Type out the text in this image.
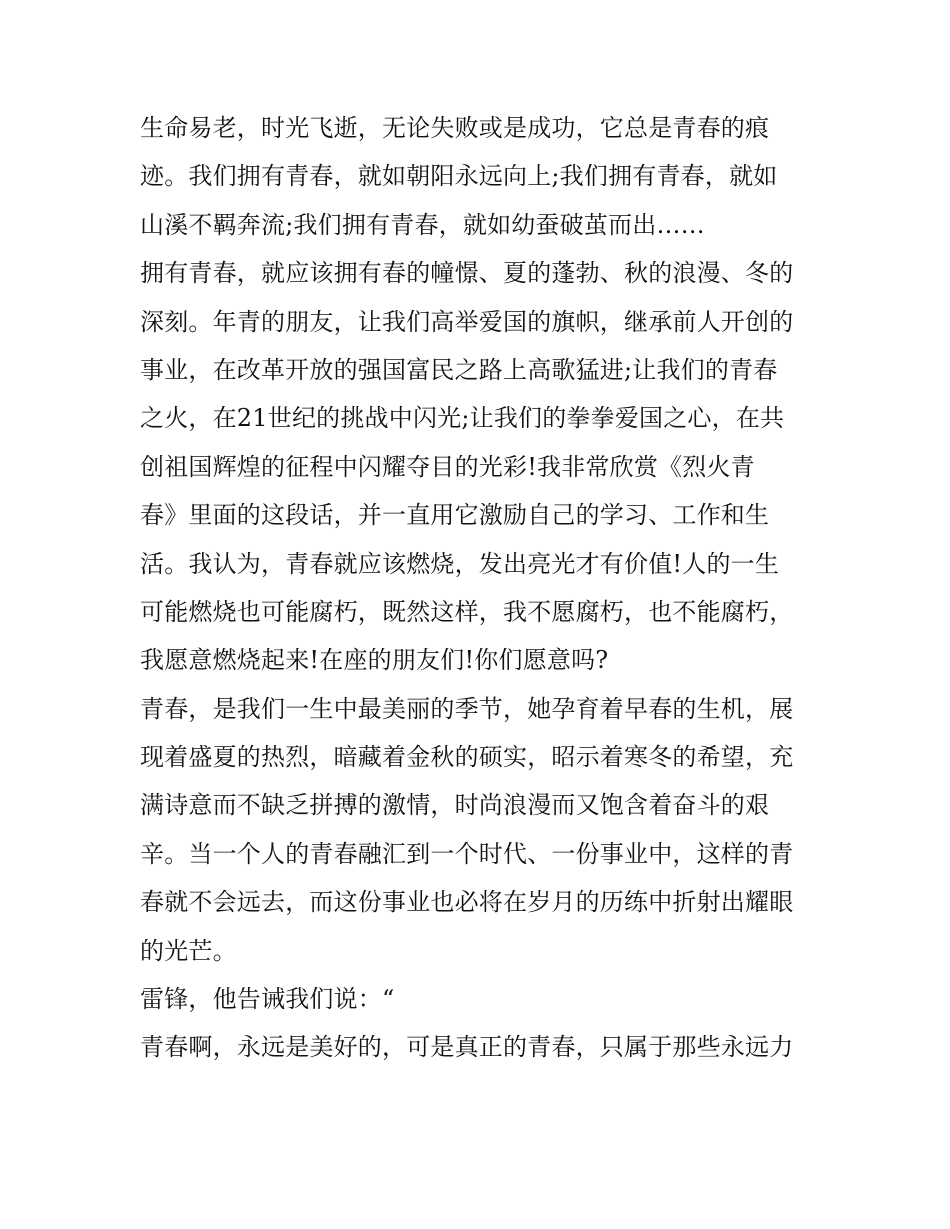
生命易老，时光飞逝，无论失败或是成功，它总是青春的痕
迹。我们拥有青春，就如朝阳永远向上;我们拥有青春，就如
山溪不羁奔流;我们拥有青春，就如幼蚕破茧而出……
拥有青春，就应该拥有春的幢憬、夏的蓬勃、秋的浪漫、冬的
深刻。年青的朋友，让我们高举爱国的旗帜，继承前人开创的
事业，在改革开放的强国富民之路上高歌猛进;让我们的青春
之火，在21世纪的挑战中闪光;让我们的拳拳爱国之心，在共
创祖国辉煌的征程中闪耀夺目的光彩!我非常欣赏《烈火青
春》里面的这段话，并一直用它激励自己的学习、工作和生
活。我认为，青春就应该燃烧，发出亮光才有价值!人的一生
可能燃烧也可能腐朽，既然这样，我不愿腐朽，也不能腐朽，
我愿意燃烧起来!在座的朋友们!你们愿意吗?
青春，是我们一生中最美丽的季节，她孕育着早春的生机，展
现着盛夏的热烈，暗藏着金秋的硕实，昭示着寒冬的希望，充
满诗意而不缺乏拼搏的激情，时尚浪漫而又饱含着奋斗的艰
辛。当一个人的青春融汇到一个时代、一份事业中，这样的青
春就不会远去，而这份事业也必将在岁月的历练中折射出耀眼
的光芒。
雷锋，他告诫我们说：“
青春啊，永远是美好的，可是真正的青春，只属于那些永远力
